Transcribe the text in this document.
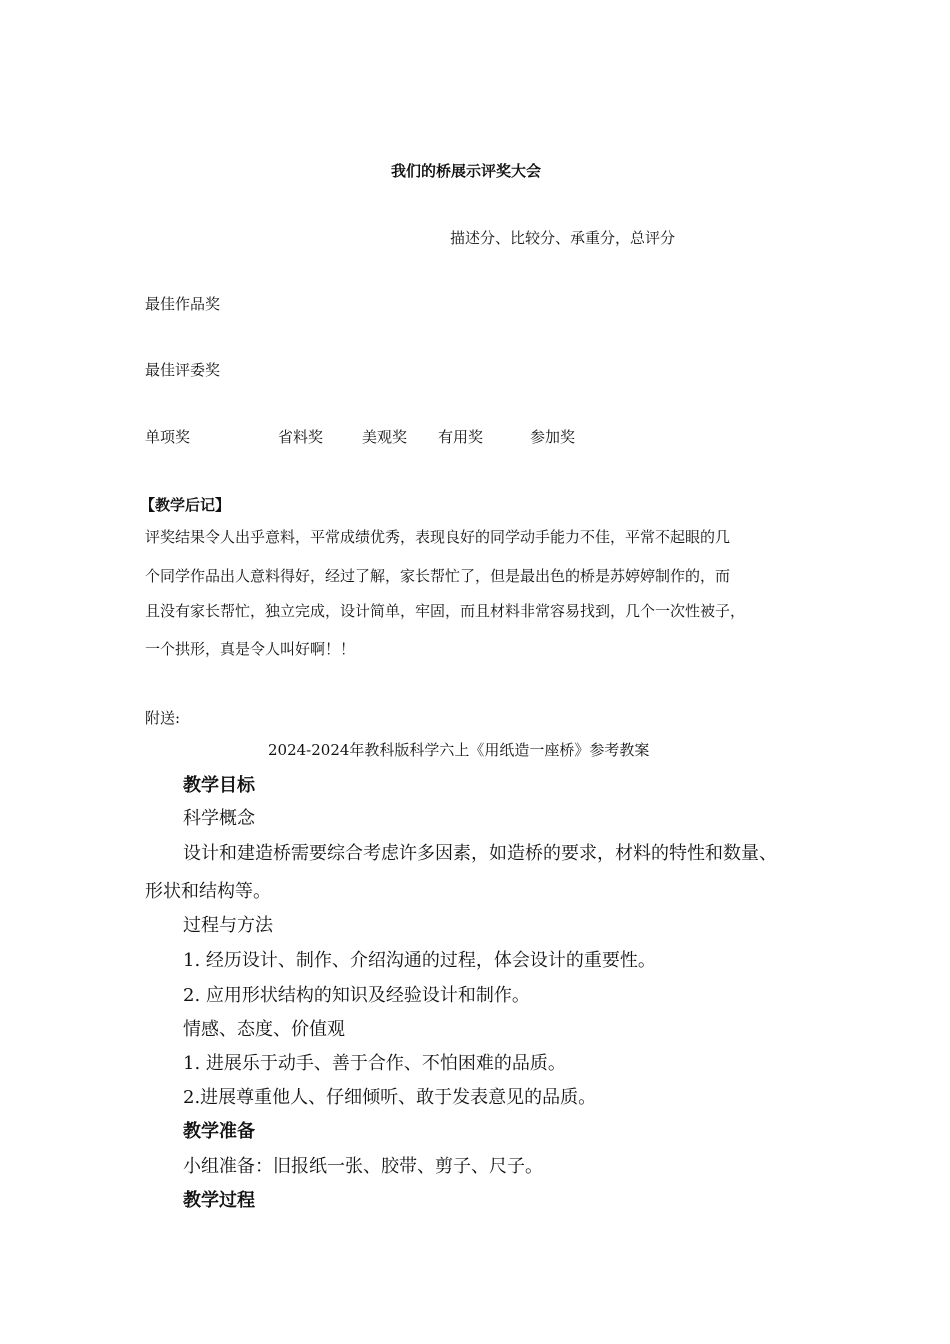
我们的桥展示评奖大会
描述分、比较分、承重分，总评分
最佳作品奖
最佳评委奖
单项奖	省料奖	美观奖 有用奖	参加奖
【教学后记】
评奖结果令人出乎意料，平常成绩优秀，表现良好的同学动手能力不佳，平常不起眼的几
个同学作品出人意料得好，经过了解，家长帮忙了，但是最出色的桥是苏婷婷制作的，而
且没有家长帮忙，独立完成，设计简单，牢固，而且材料非常容易找到，几个一次性被子，
一个拱形，真是令人叫好啊！！
附送:
2024-2024年教科版科学六上《用纸造一座桥》参考教案
教学目标
科学概念
设计和建造桥需要综合考虑许多因素，如造桥的要求，材料的特性和数量、
形状和结构等。
过程与方法
1. 经历设计、制作、介绍沟通的过程，体会设计的重要性。
2. 应用形状结构的知识及经验设计和制作。
情感、态度、价值观
1. 进展乐于动手、善于合作、不怕困难的品质。
2.进展尊重他人、仔细倾听、敢于发表意见的品质。
教学准备
小组准备：旧报纸一张、胶带、剪子、尺子。
教学过程
